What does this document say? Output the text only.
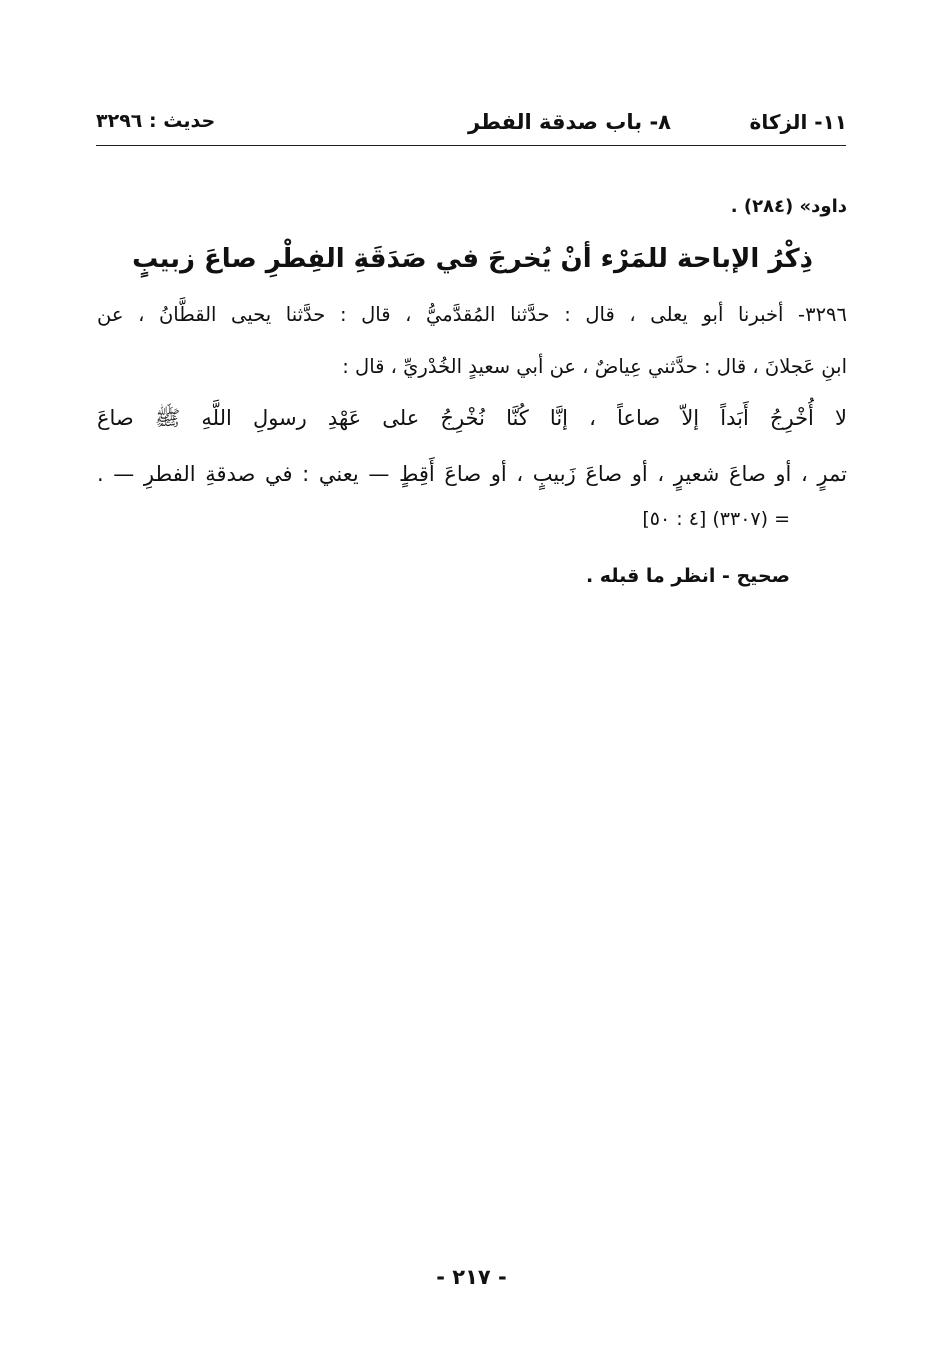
١١- الزكاة
٨- باب صدقة الفطر
حديث : ٣٢٩٦
داود» (٢٨٤) .
ذِكْرُ الإباحة للمَرْء أنْ يُخرجَ في صَدَقَةِ الفِطْرِ صاعَ زبيبٍ
٣٢٩٦- أخبرنا أبو يعلى ، قال : حدَّثنا المُقدَّميُّ ، قال : حدَّثنا يحيى القطَّانُ ، عن
ابنِ عَجلانَ ، قال : حدَّثني عِياضٌ ، عن أبي سعيدٍ الخُدْريِّ ، قال :
لا أُخْرِجُ أَبَداً إلاّ صاعاً ، إنَّا كُنَّا نُخْرِجُ على عَهْدِ رسولِ اللَّهِ ﷺ صاعَ
تمرٍ ، أو صاعَ شعيرٍ ، أو صاعَ زَبيبٍ ، أو صاعَ أَقِطٍ — يعني : في صدقةِ الفطرِ — .
= (٣٣٠٧) [٤ : ٥٠]
صحيح - انظر ما قبله .
- ٢١٧ -
